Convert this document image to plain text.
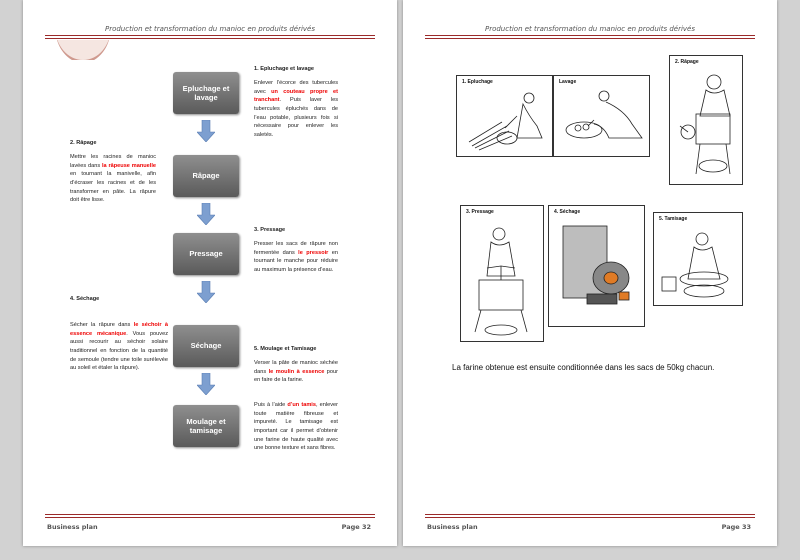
Production et transformation du manioc en produits dérivés
Epluchage et lavage
Râpage
Pressage
Séchage
Moulage et tamisage
1. Epluchage et lavage
Enlever l’écorce des tubercules avec un couteau propre et tranchant. Puis laver les tubercules épluchés dans de l’eau potable, plusieurs fois si nécessaire pour enlever les saletés.
2. Râpage
Mettre les racines de manioc lavées dans la râpeuse manuelle en tournant la manivelle, afin d’écraser les racines et de les transformer en pâte. La râpure doit être lisse.
3. Pressage
Presser les sacs de râpure non fermentée dans le pressoir en tournant le manche pour réduire au maximum la présence d’eau.
4. Séchage
Sécher la râpure dans le séchoir à essence mécanique. Vous pouvez aussi recourir au séchoir solaire traditionnel en fonction de la quantité de semoule (tendre une toile surélevée au soleil et étaler la râpure).
5. Moulage et Tamisage
Verser la pâte de manioc séchée dans le moulin à essence pour en faire de la farine.
Puis à l’aide d’un tamis, enlever toute matière fibreuse et impureté. Le tamisage est important car il permet d’obtenir une farine de haute qualité avec une bonne texture et sans fibres.
Business plan	Page 32
Production et transformation du manioc en produits dérivés
1. Epluchage	Lavage
2. Râpage
3. Pressage	4. Séchage
5. Tamisage
La farine obtenue est ensuite conditionnée dans les sacs de 50kg chacun.
Business plan	Page 33
